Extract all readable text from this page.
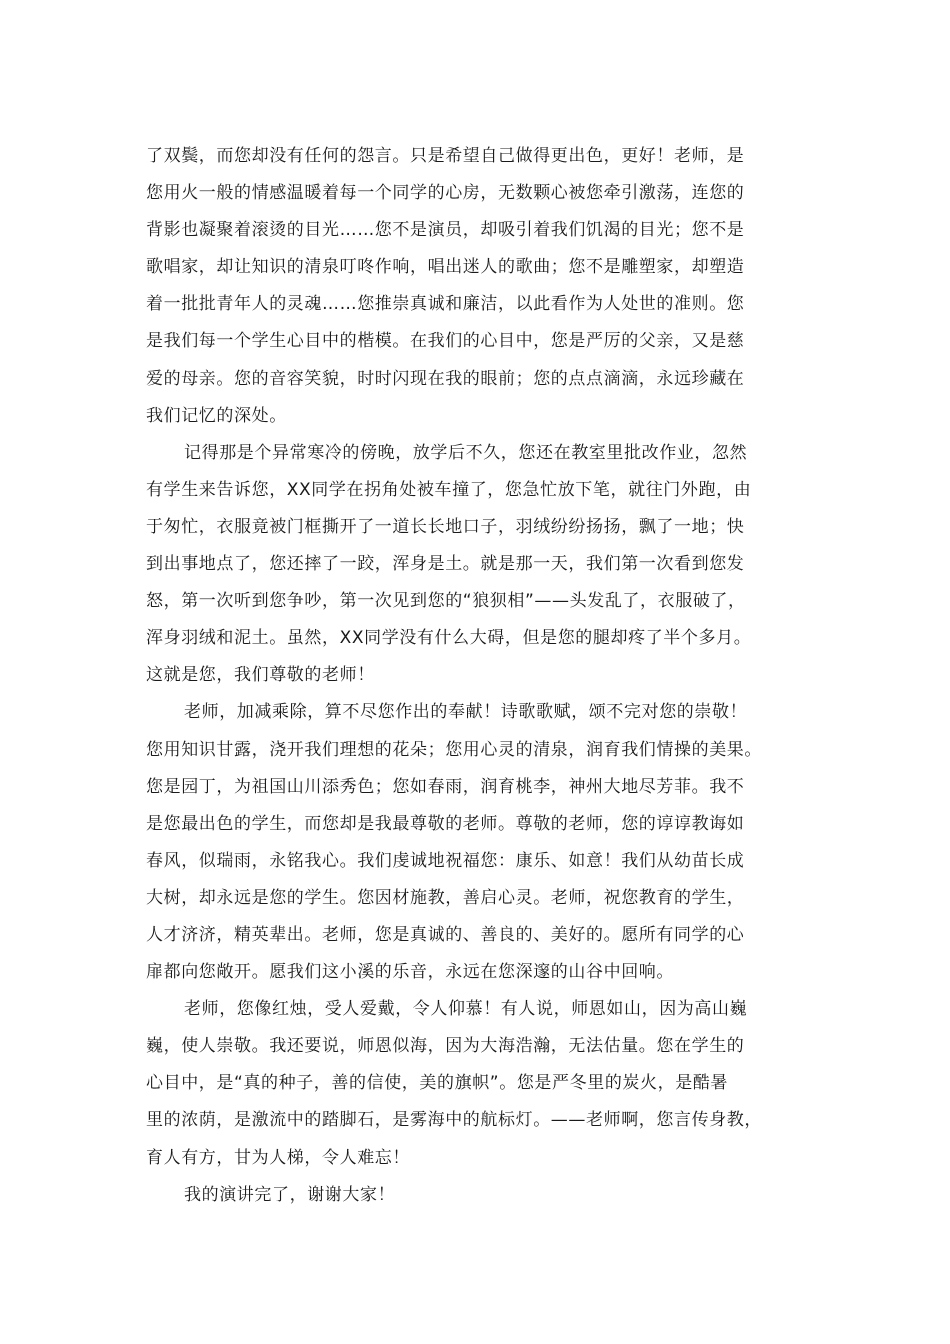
了双鬓，而您却没有任何的怨言。只是希望自己做得更出色，更好！老师，是
您用火一般的情感温暖着每一个同学的心房，无数颗心被您牵引激荡，连您的
背影也凝聚着滚烫的目光……您不是演员，却吸引着我们饥渴的目光；您不是
歌唱家，却让知识的清泉叮咚作响，唱出迷人的歌曲；您不是雕塑家，却塑造
着一批批青年人的灵魂……您推崇真诚和廉洁，以此看作为人处世的准则。您
是我们每一个学生心目中的楷模。在我们的心目中，您是严厉的父亲，又是慈
爱的母亲。您的音容笑貌，时时闪现在我的眼前；您的点点滴滴，永远珍藏在
我们记忆的深处。
记得那是个异常寒冷的傍晚，放学后不久，您还在教室里批改作业，忽然
有学生来告诉您，XX同学在拐角处被车撞了，您急忙放下笔，就往门外跑，由
于匆忙，衣服竟被门框撕开了一道长长地口子，羽绒纷纷扬扬，飘了一地；快
到出事地点了，您还摔了一跤，浑身是土。就是那一天，我们第一次看到您发
怒，第一次听到您争吵，第一次见到您的“狼狈相”——头发乱了，衣服破了，
浑身羽绒和泥土。虽然，XX同学没有什么大碍，但是您的腿却疼了半个多月。
这就是您，我们尊敬的老师！
老师，加减乘除，算不尽您作出的奉献！诗歌歌赋，颂不完对您的崇敬！
您用知识甘露，浇开我们理想的花朵；您用心灵的清泉，润育我们情操的美果。
您是园丁，为祖国山川添秀色；您如春雨，润育桃李，神州大地尽芳菲。我不
是您最出色的学生，而您却是我最尊敬的老师。尊敬的老师，您的谆谆教诲如
春风，似瑞雨，永铭我心。我们虔诚地祝福您：康乐、如意！我们从幼苗长成
大树，却永远是您的学生。您因材施教，善启心灵。老师，祝您教育的学生，
人才济济，精英辈出。老师，您是真诚的、善良的、美好的。愿所有同学的心
扉都向您敞开。愿我们这小溪的乐音，永远在您深邃的山谷中回响。
老师，您像红烛，受人爱戴，令人仰慕！有人说，师恩如山，因为高山巍
巍，使人崇敬。我还要说，师恩似海，因为大海浩瀚，无法估量。您在学生的
心目中，是“真的种子，善的信使，美的旗帜”。您是严冬里的炭火，是酷暑
里的浓荫，是激流中的踏脚石，是雾海中的航标灯。——老师啊，您言传身教，
育人有方，甘为人梯，令人难忘！
我的演讲完了，谢谢大家！
